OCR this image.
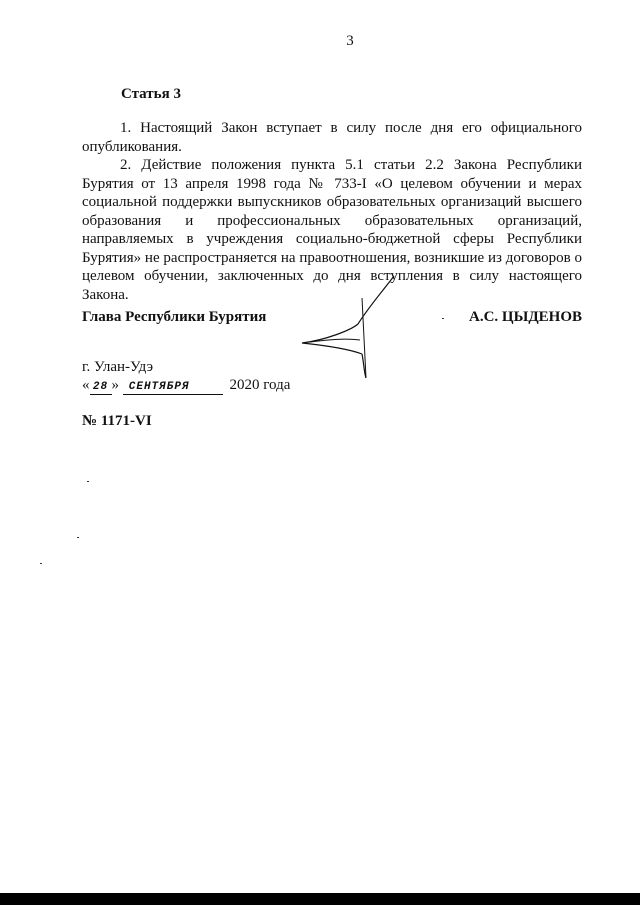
3
Статья 3

1. Настоящий Закон вступает в силу после дня его официального опубликования.

2. Действие положения пункта 5.1 статьи 2.2 Закона Республики Бурятия от 13 апреля 1998 года № 733-I «О целевом обучении и мерах социальной поддержки выпускников образовательных организаций высшего образования и профессиональных образовательных организаций, направляемых в учреждения социально-бюджетной сферы Республики Бурятия» не распространяется на правоотношения, возникшие из договоров о целевом обучении, заключенных до дня вступления в силу настоящего Закона.

Глава Республики Бурятия	А.С. ЦЫДЕНОВ
г. Улан-Удэ
« 28 » СЕНТЯБРЯ	2020 года
№ 1171-VI
